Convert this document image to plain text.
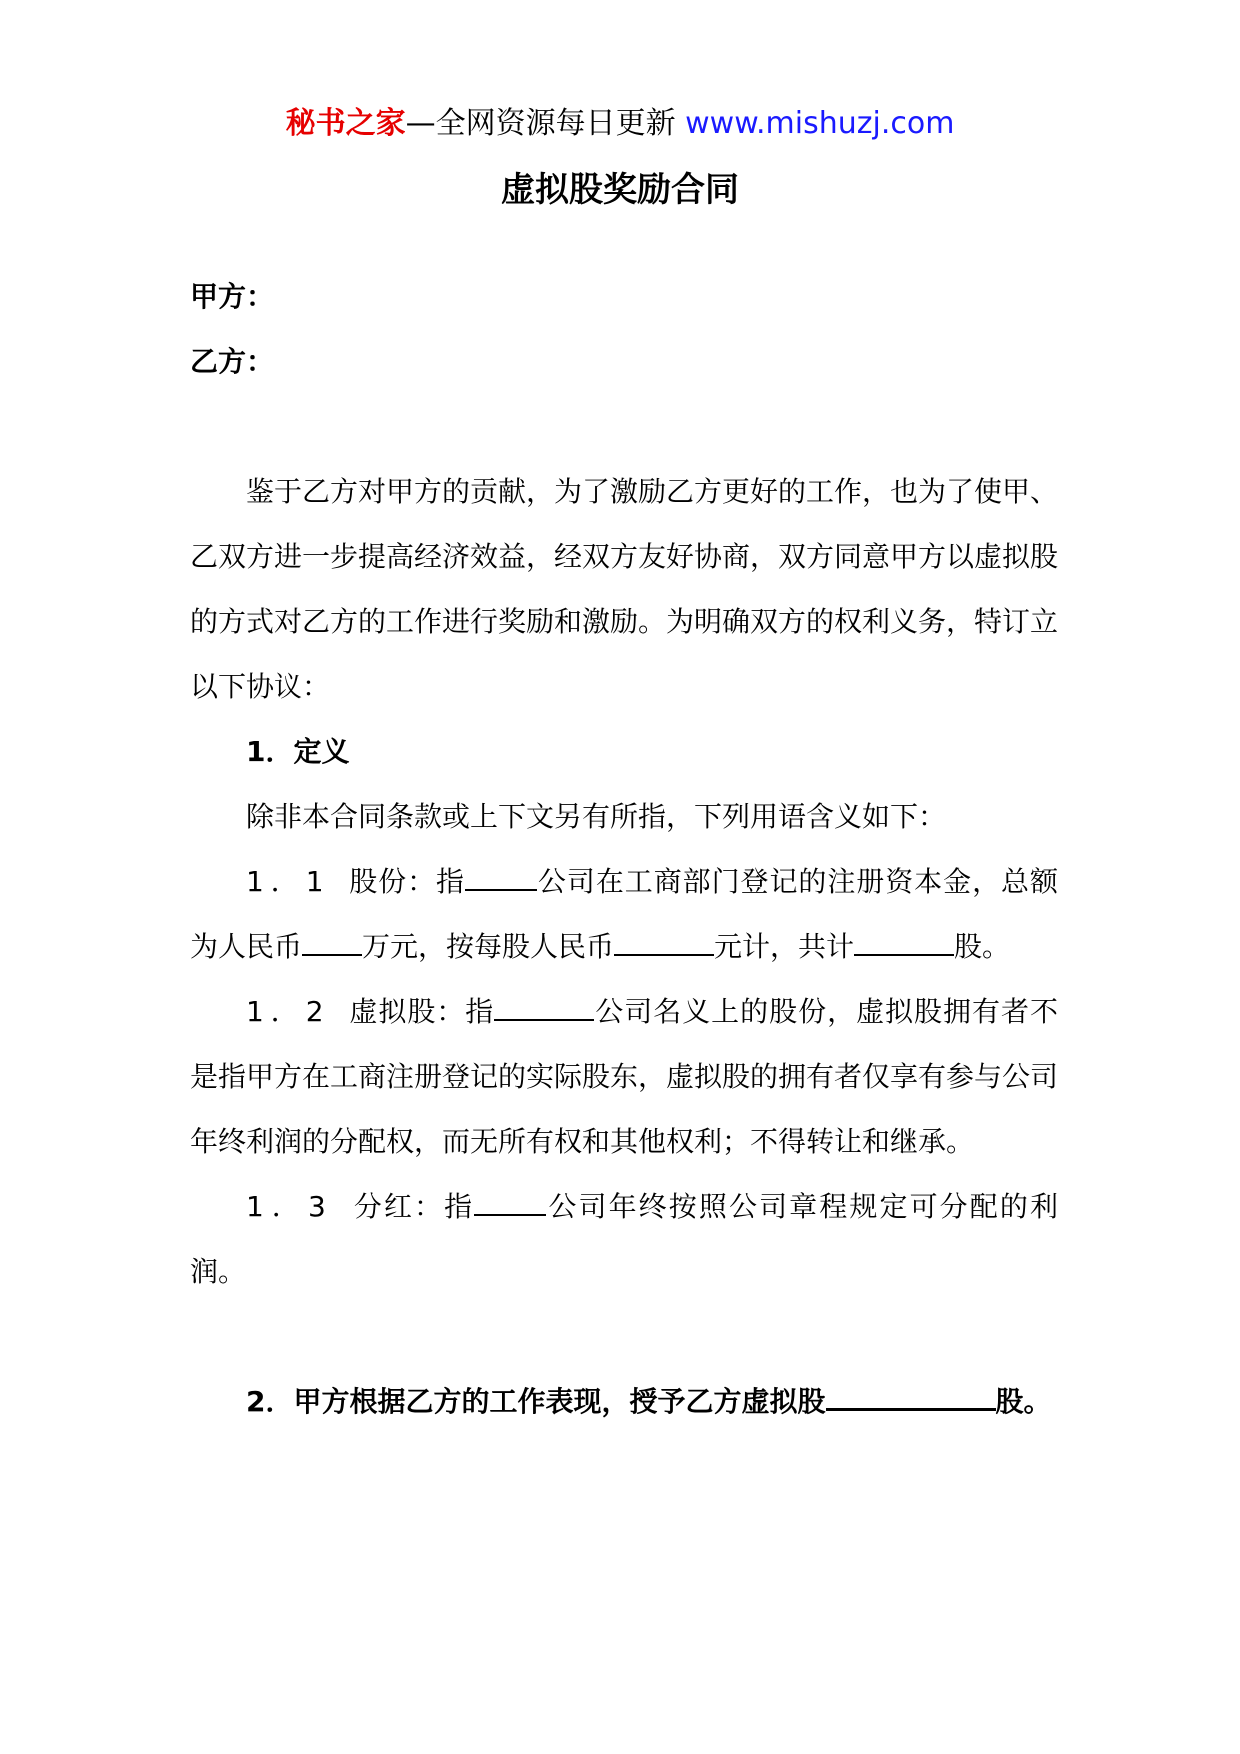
秘书之家—全网资源每日更新 www.mishuzj.com
虚拟股奖励合同
甲方：
乙方：
鉴于乙方对甲方的贡献，为了激励乙方更好的工作，也为了使甲、乙双方进一步提高经济效益，经双方友好协商，双方同意甲方以虚拟股的方式对乙方的工作进行奖励和激励。为明确双方的权利义务，特订立以下协议：
1．定义
除非本合同条款或上下文另有所指，下列用语含义如下：
1．1 股份：指	公司在工商部门登记的注册资本金，总额为人民币 万元，按每股人民币	元计，共计	股。
1．2 虚拟股：指	公司名义上的股份，虚拟股拥有者不是指甲方在工商注册登记的实际股东，虚拟股的拥有者仅享有参与公司年终利润的分配权，而无所有权和其他权利；不得转让和继承。
1．3 分红：指	公司年终按照公司章程规定可分配的利润。
2．甲方根据乙方的工作表现，授予乙方虚拟股	股。
